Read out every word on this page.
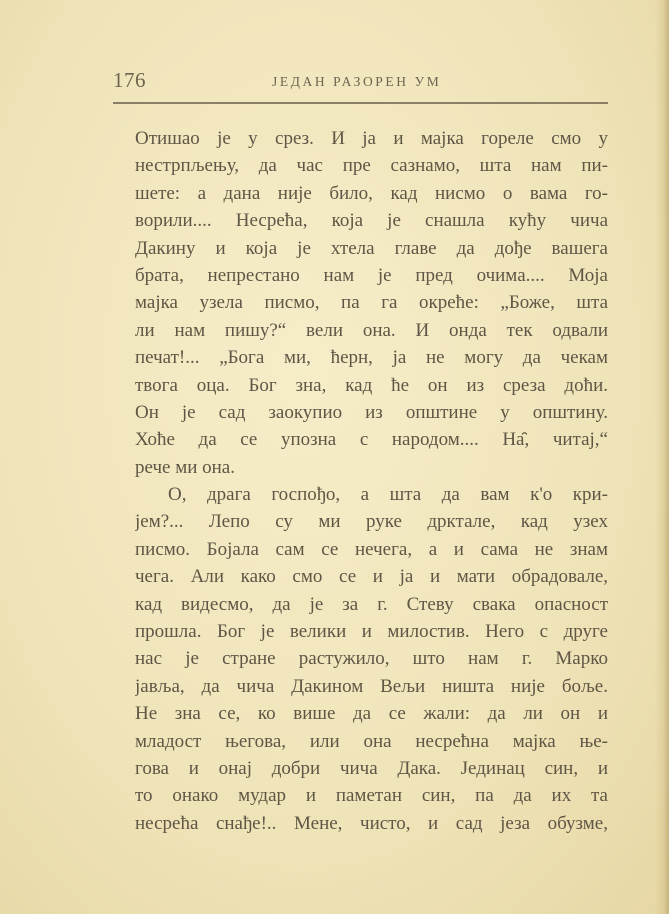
176	ЈЕДАН РАЗОРЕН УМ
Отишао је у срез. И ја и мајка гореле смо у
нестрпљењу, да час пре сазнамо, шта нам пи-
шете: а дана није било, кад нисмо о вама го-
ворили.... Несрећа, која је снашла кућу чича
Дакину и која је хтела главе да дође вашега
брата, непрестано нам је пред очима.... Моја
мајка узела писмо, па га окреће: „Боже, шта
ли нам пишу?“ вели она. И онда тек одвали
печат!... „Бога ми, ћерн, ја не могу да чекам
твога оца. Бог зна, кад ће он из среза доћи.
Он је сад заокупио из општине у општину.
Хоће да се упозна с народом.... На̑, читај,“
рече ми она.
О, драга госпођо, а шта да вам к'о кри-
јем?... Лепо су ми руке дрктале, кад узех
писмо. Бојала сам се нечега, а и сама не знам
чега. Али како смо се и ја и мати обрадовале,
кад видесмо, да је за г. Стеву свака опасност
прошла. Бог је велики и милостив. Него с друге
нас је стране растужило, што нам г. Марко
јавља, да чича Дакином Вељи ништа није боље.
Не зна се, ко више да се жали: да ли он и
младост његова, или она несрећна мајка ње-
гова и онај добри чича Дака. Јединац син, и
то онако мудар и паметан син, па да их та
несрећа снађе!.. Мене, чисто, и сад језа обузме,
